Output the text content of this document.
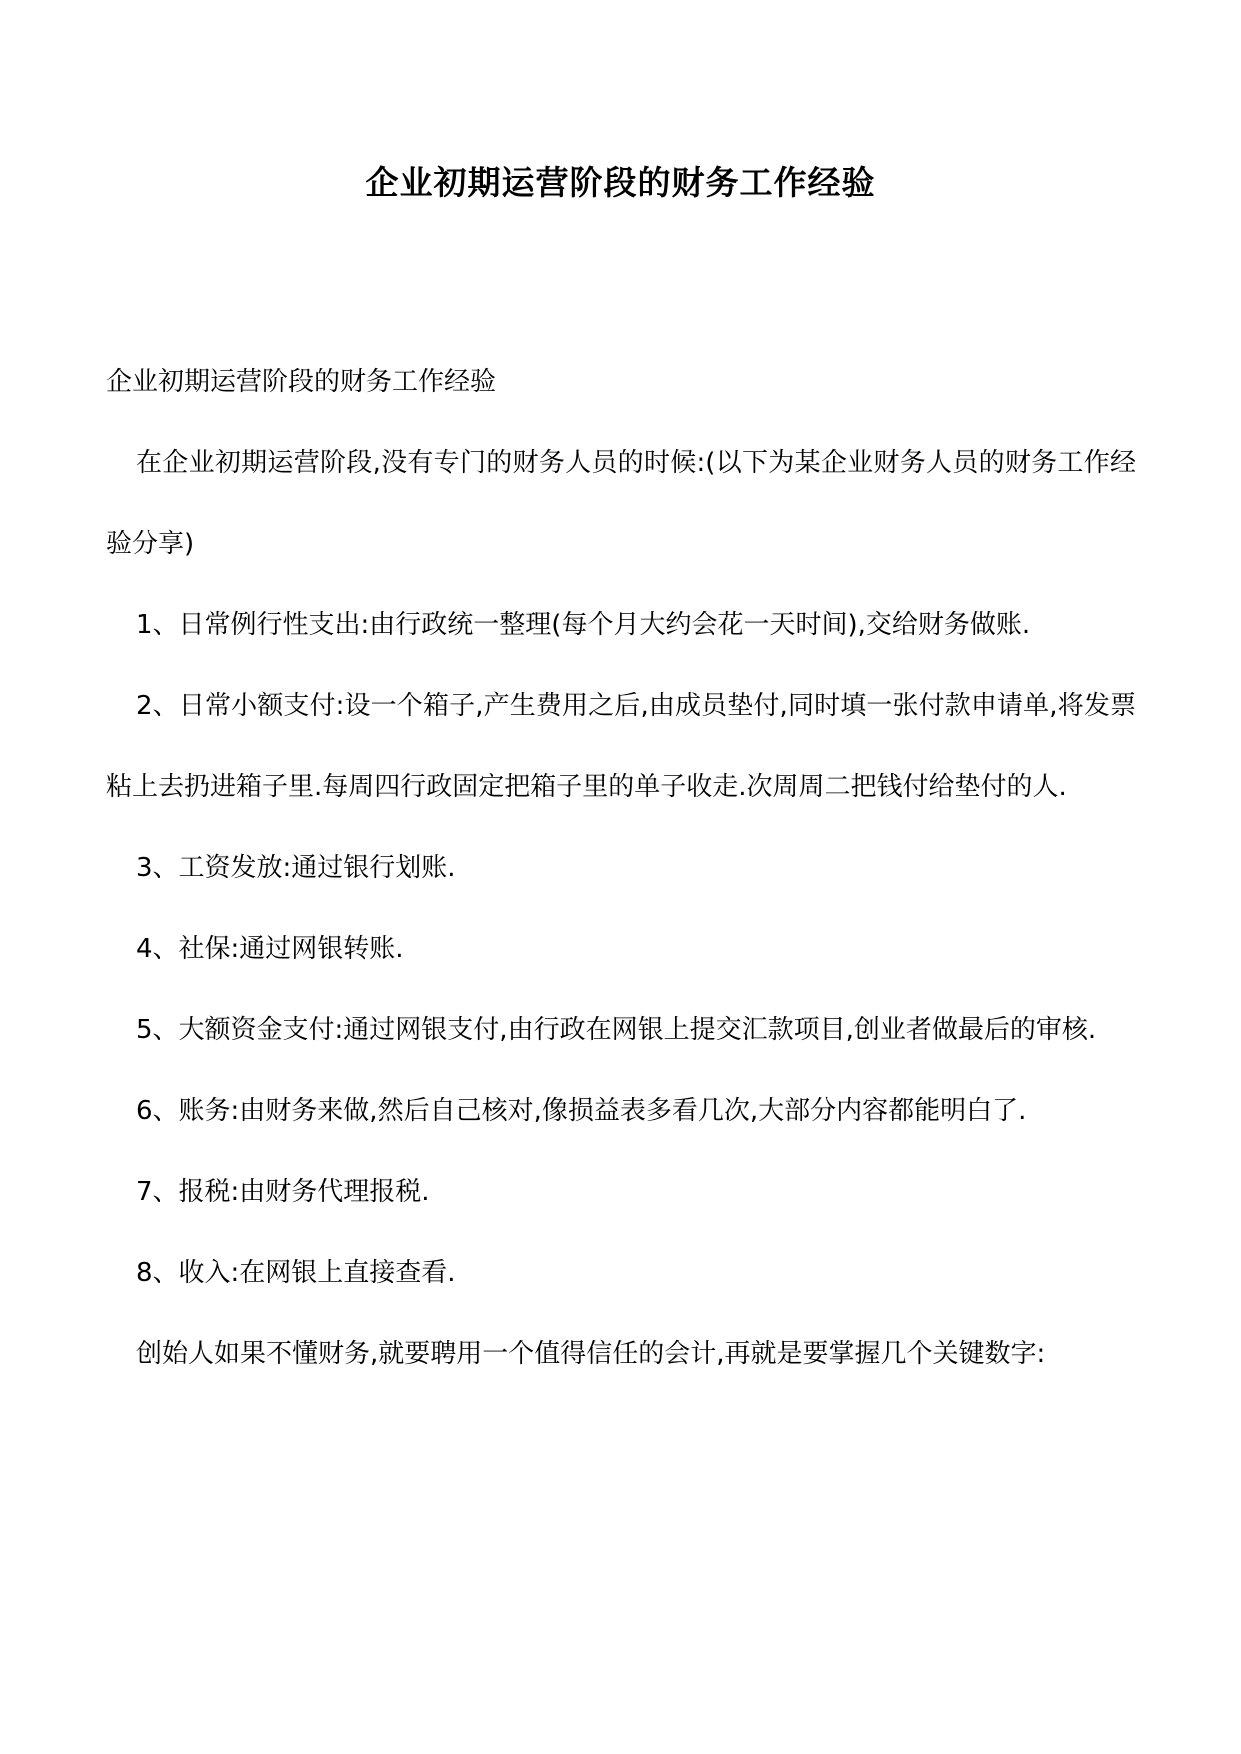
企业初期运营阶段的财务工作经验

企业初期运营阶段的财务工作经验

在企业初期运营阶段,没有专门的财务人员的时候:(以下为某企业财务人员的财务工作经验分享)

1、日常例行性支出:由行政统一整理(每个月大约会花一天时间),交给财务做账.

2、日常小额支付:设一个箱子,产生费用之后,由成员垫付,同时填一张付款申请单,将发票粘上去扔进箱子里.每周四行政固定把箱子里的单子收走.次周周二把钱付给垫付的人.

3、工资发放:通过银行划账.

4、社保:通过网银转账.

5、大额资金支付:通过网银支付,由行政在网银上提交汇款项目,创业者做最后的审核.

6、账务:由财务来做,然后自己核对,像损益表多看几次,大部分内容都能明白了.

7、报税:由财务代理报税.

8、收入:在网银上直接查看.

创始人如果不懂财务,就要聘用一个值得信任的会计,再就是要掌握几个关键数字:
